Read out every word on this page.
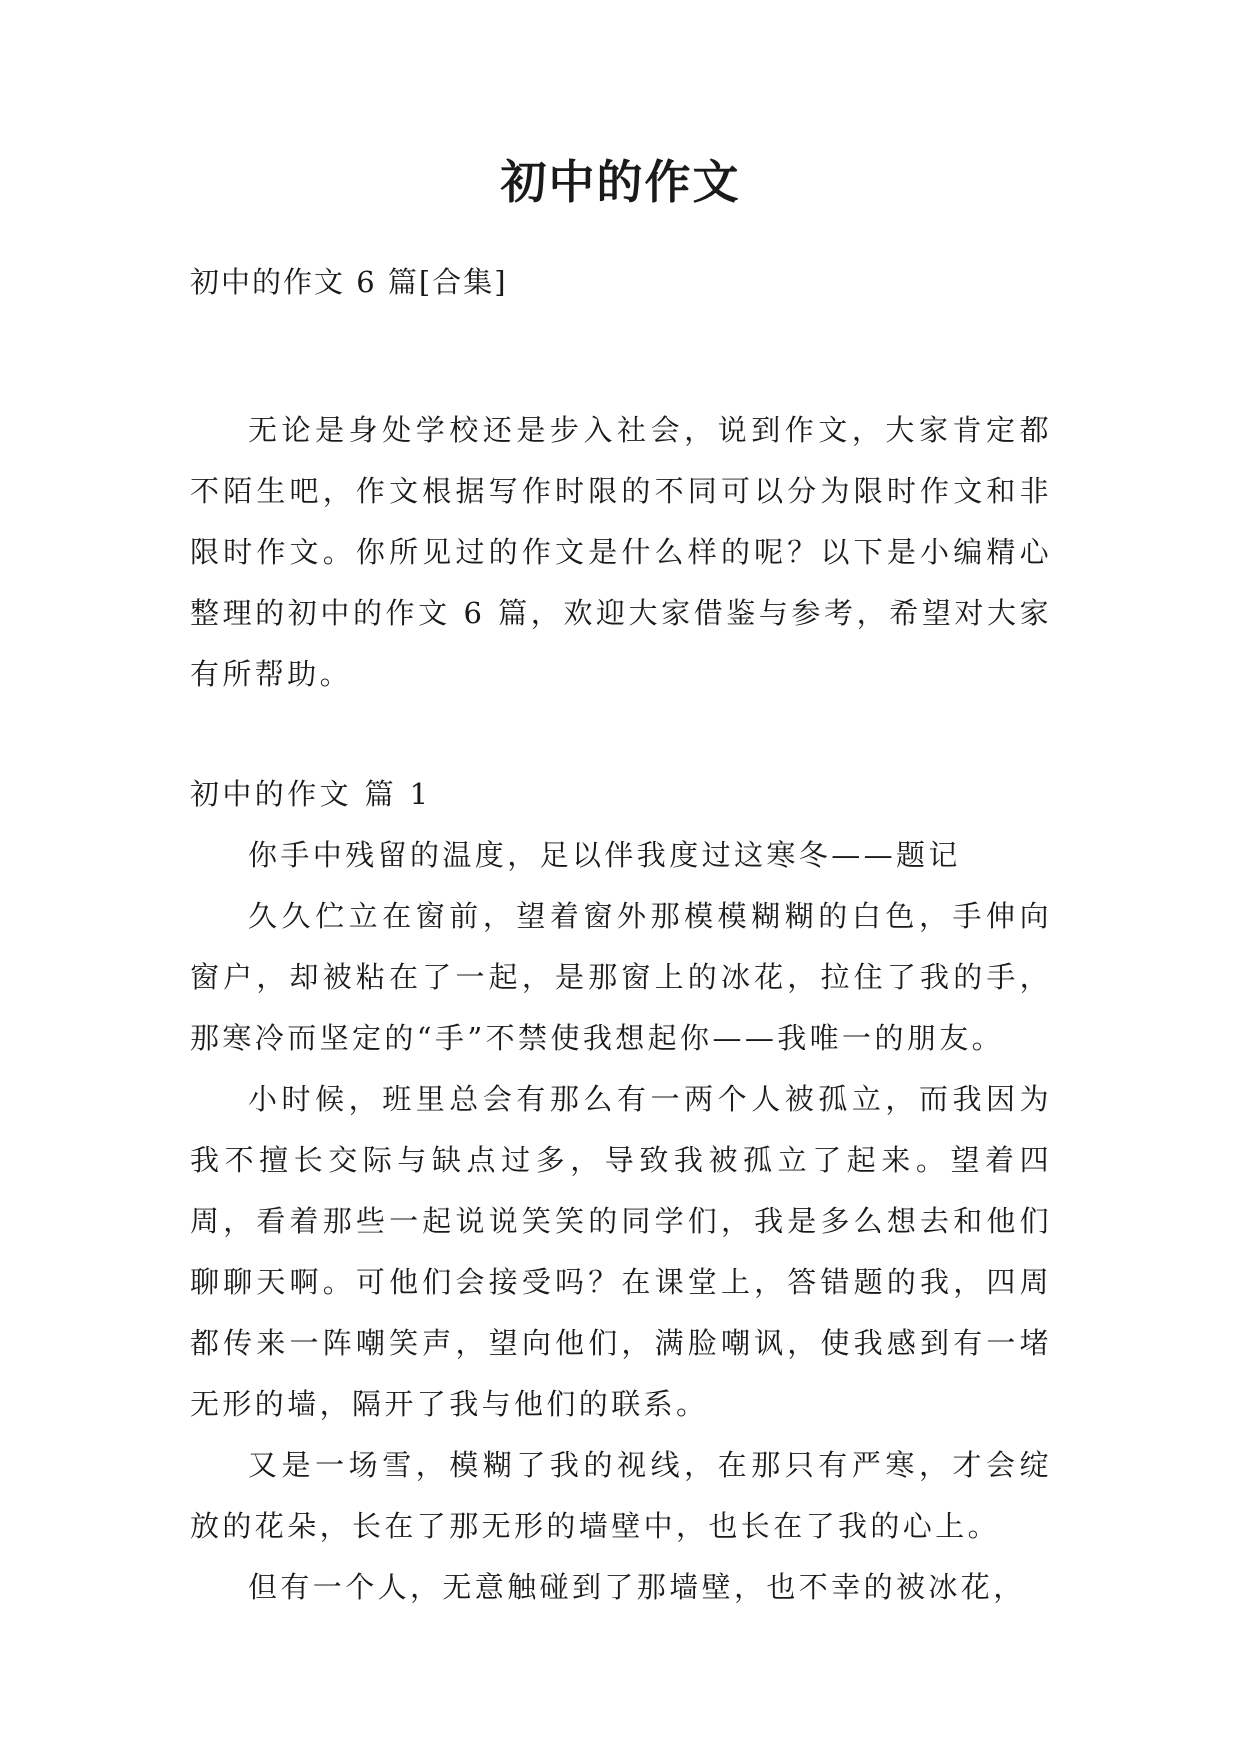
初中的作文

初中的作文 6 篇[合集]

无论是身处学校还是步入社会，说到作文，大家肯定都不陌生吧，作文根据写作时限的不同可以分为限时作文和非限时作文。你所见过的作文是什么样的呢？以下是小编精心整理的初中的作文 6 篇，欢迎大家借鉴与参考，希望对大家有所帮助。

初中的作文 篇 1

你手中残留的温度，足以伴我度过这寒冬——题记

久久伫立在窗前，望着窗外那模模糊糊的白色，手伸向窗户，却被粘在了一起，是那窗上的冰花，拉住了我的手，那寒冷而坚定的“手”不禁使我想起你——我唯一的朋友。

小时候，班里总会有那么有一两个人被孤立，而我因为我不擅长交际与缺点过多，导致我被孤立了起来。望着四周，看着那些一起说说笑笑的同学们，我是多么想去和他们聊聊天啊。可他们会接受吗？在课堂上，答错题的我，四周都传来一阵嘲笑声，望向他们，满脸嘲讽，使我感到有一堵无形的墙，隔开了我与他们的联系。

又是一场雪，模糊了我的视线，在那只有严寒，才会绽放的花朵，长在了那无形的墙壁中，也长在了我的心上。

但有一个人，无意触碰到了那墙壁，也不幸的被冰花，
